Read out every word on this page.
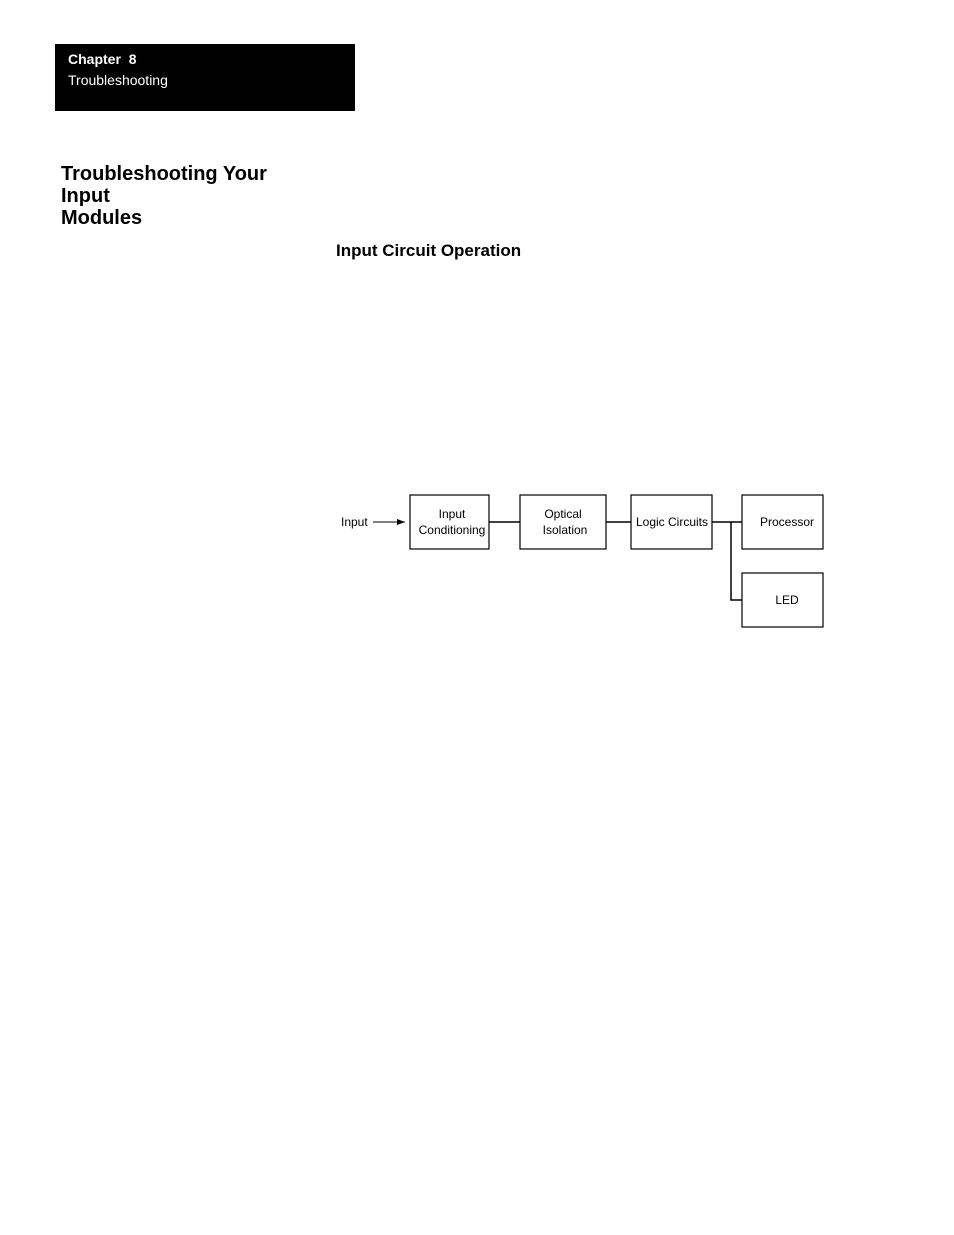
Chapter 8
Troubleshooting
Troubleshooting Your Input
Modules
Input Circuit Operation
Input
Input
Conditioning
Optical
Isolation
Logic Circuits	Processor
LED
